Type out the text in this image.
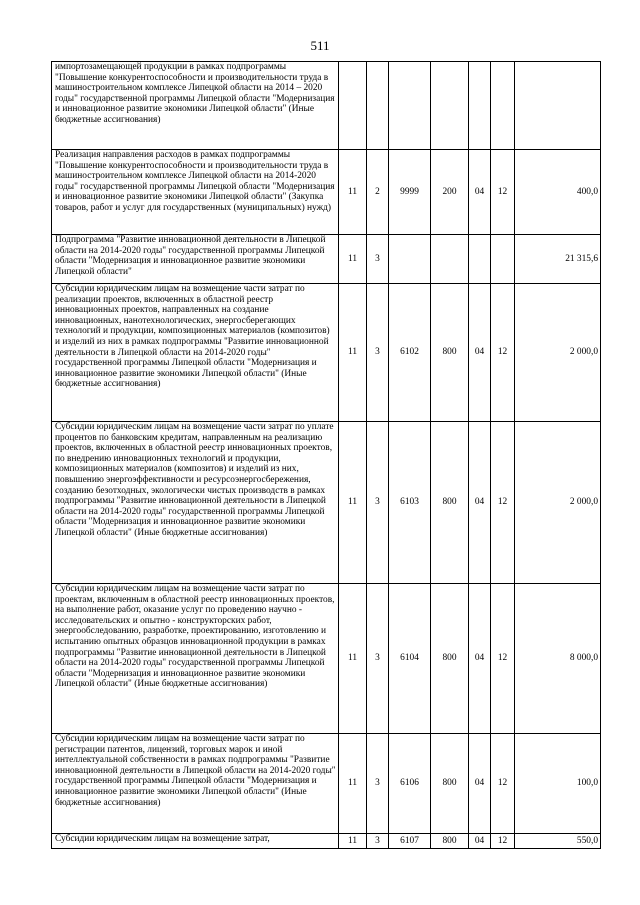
511
импортозамещающей продукции в рамках подпрограммы "Повышение конкурентоспособности и производительности труда в машиностроительном комплексе Липецкой области на 2014 – 2020 годы" государственной программы Липецкой области "Модернизация и инновационное развитие экономики Липецкой области" (Иные бюджетные ассигнования)							
Реализация направления расходов в рамках подпрограммы "Повышение конкурентоспособности и производительности труда в машиностроительном комплексе Липецкой области на 2014-2020 годы" государственной программы Липецкой области "Модернизация и инновационное развитие экономики Липецкой области" (Закупка товаров, работ и услуг для государственных (муниципальных) нужд)	11	2	9999	200	04	12	400,0
Подпрограмма "Развитие инновационной деятельности в Липецкой области на 2014-2020 годы" государственной программы Липецкой области "Модернизация и инновационное развитие экономики Липецкой области"	11	3					21 315,6
Субсидии юридическим лицам на возмещение части затрат по реализации проектов, включенных в областной реестр инновационных проектов, направленных на создание инновационных, нанотехнологических, энергосберегающих технологий и продукции, композиционных материалов (композитов) и изделий из них в рамках подпрограммы "Развитие инновационной деятельности в Липецкой области на 2014-2020 годы" государственной программы Липецкой области "Модернизация и инновационное развитие экономики Липецкой области" (Иные бюджетные ассигнования)	11	3	6102	800	04	12	2 000,0
Субсидии юридическим лицам на возмещение части затрат по уплате процентов по банковским кредитам, направленным на реализацию проектов, включенных в областной реестр инновационных проектов, по внедрению инновационных технологий и продукции, композиционных материалов (композитов) и изделий из них, повышению энергоэффективности и ресурсоэнергосбережения, созданию безотходных, экологически чистых производств в рамках подпрограммы "Развитие инновационной деятельности в Липецкой области на 2014-2020 годы" государственной программы Липецкой области "Модернизация и инновационное развитие экономики Липецкой области" (Иные бюджетные ассигнования)	11	3	6103	800	04	12	2 000,0
Субсидии юридическим лицам на возмещение части затрат по проектам, включенным в областной реестр инновационных проектов, на выполнение работ, оказание услуг по проведению научно - исследовательских и опытно - конструкторских работ, энергообследованию, разработке, проектированию, изготовлению и испытанию опытных образцов инновационной продукции в рамках подпрограммы "Развитие инновационной деятельности в Липецкой области на 2014-2020 годы" государственной программы Липецкой области "Модернизация и инновационное развитие экономики Липецкой области" (Иные бюджетные ассигнования)	11	3	6104	800	04	12	8 000,0
Субсидии юридическим лицам на возмещение части затрат по регистрации патентов, лицензий, торговых марок и иной интеллектуальной собственности в рамках подпрограммы "Развитие инновационной деятельности в Липецкой области на 2014-2020 годы" государственной программы Липецкой области "Модернизация и инновационное развитие экономики Липецкой области" (Иные бюджетные ассигнования)	11	3	6106	800	04	12	100,0
Субсидии юридическим лицам на возмещение затрат,	11	3	6107	800	04	12	550,0
